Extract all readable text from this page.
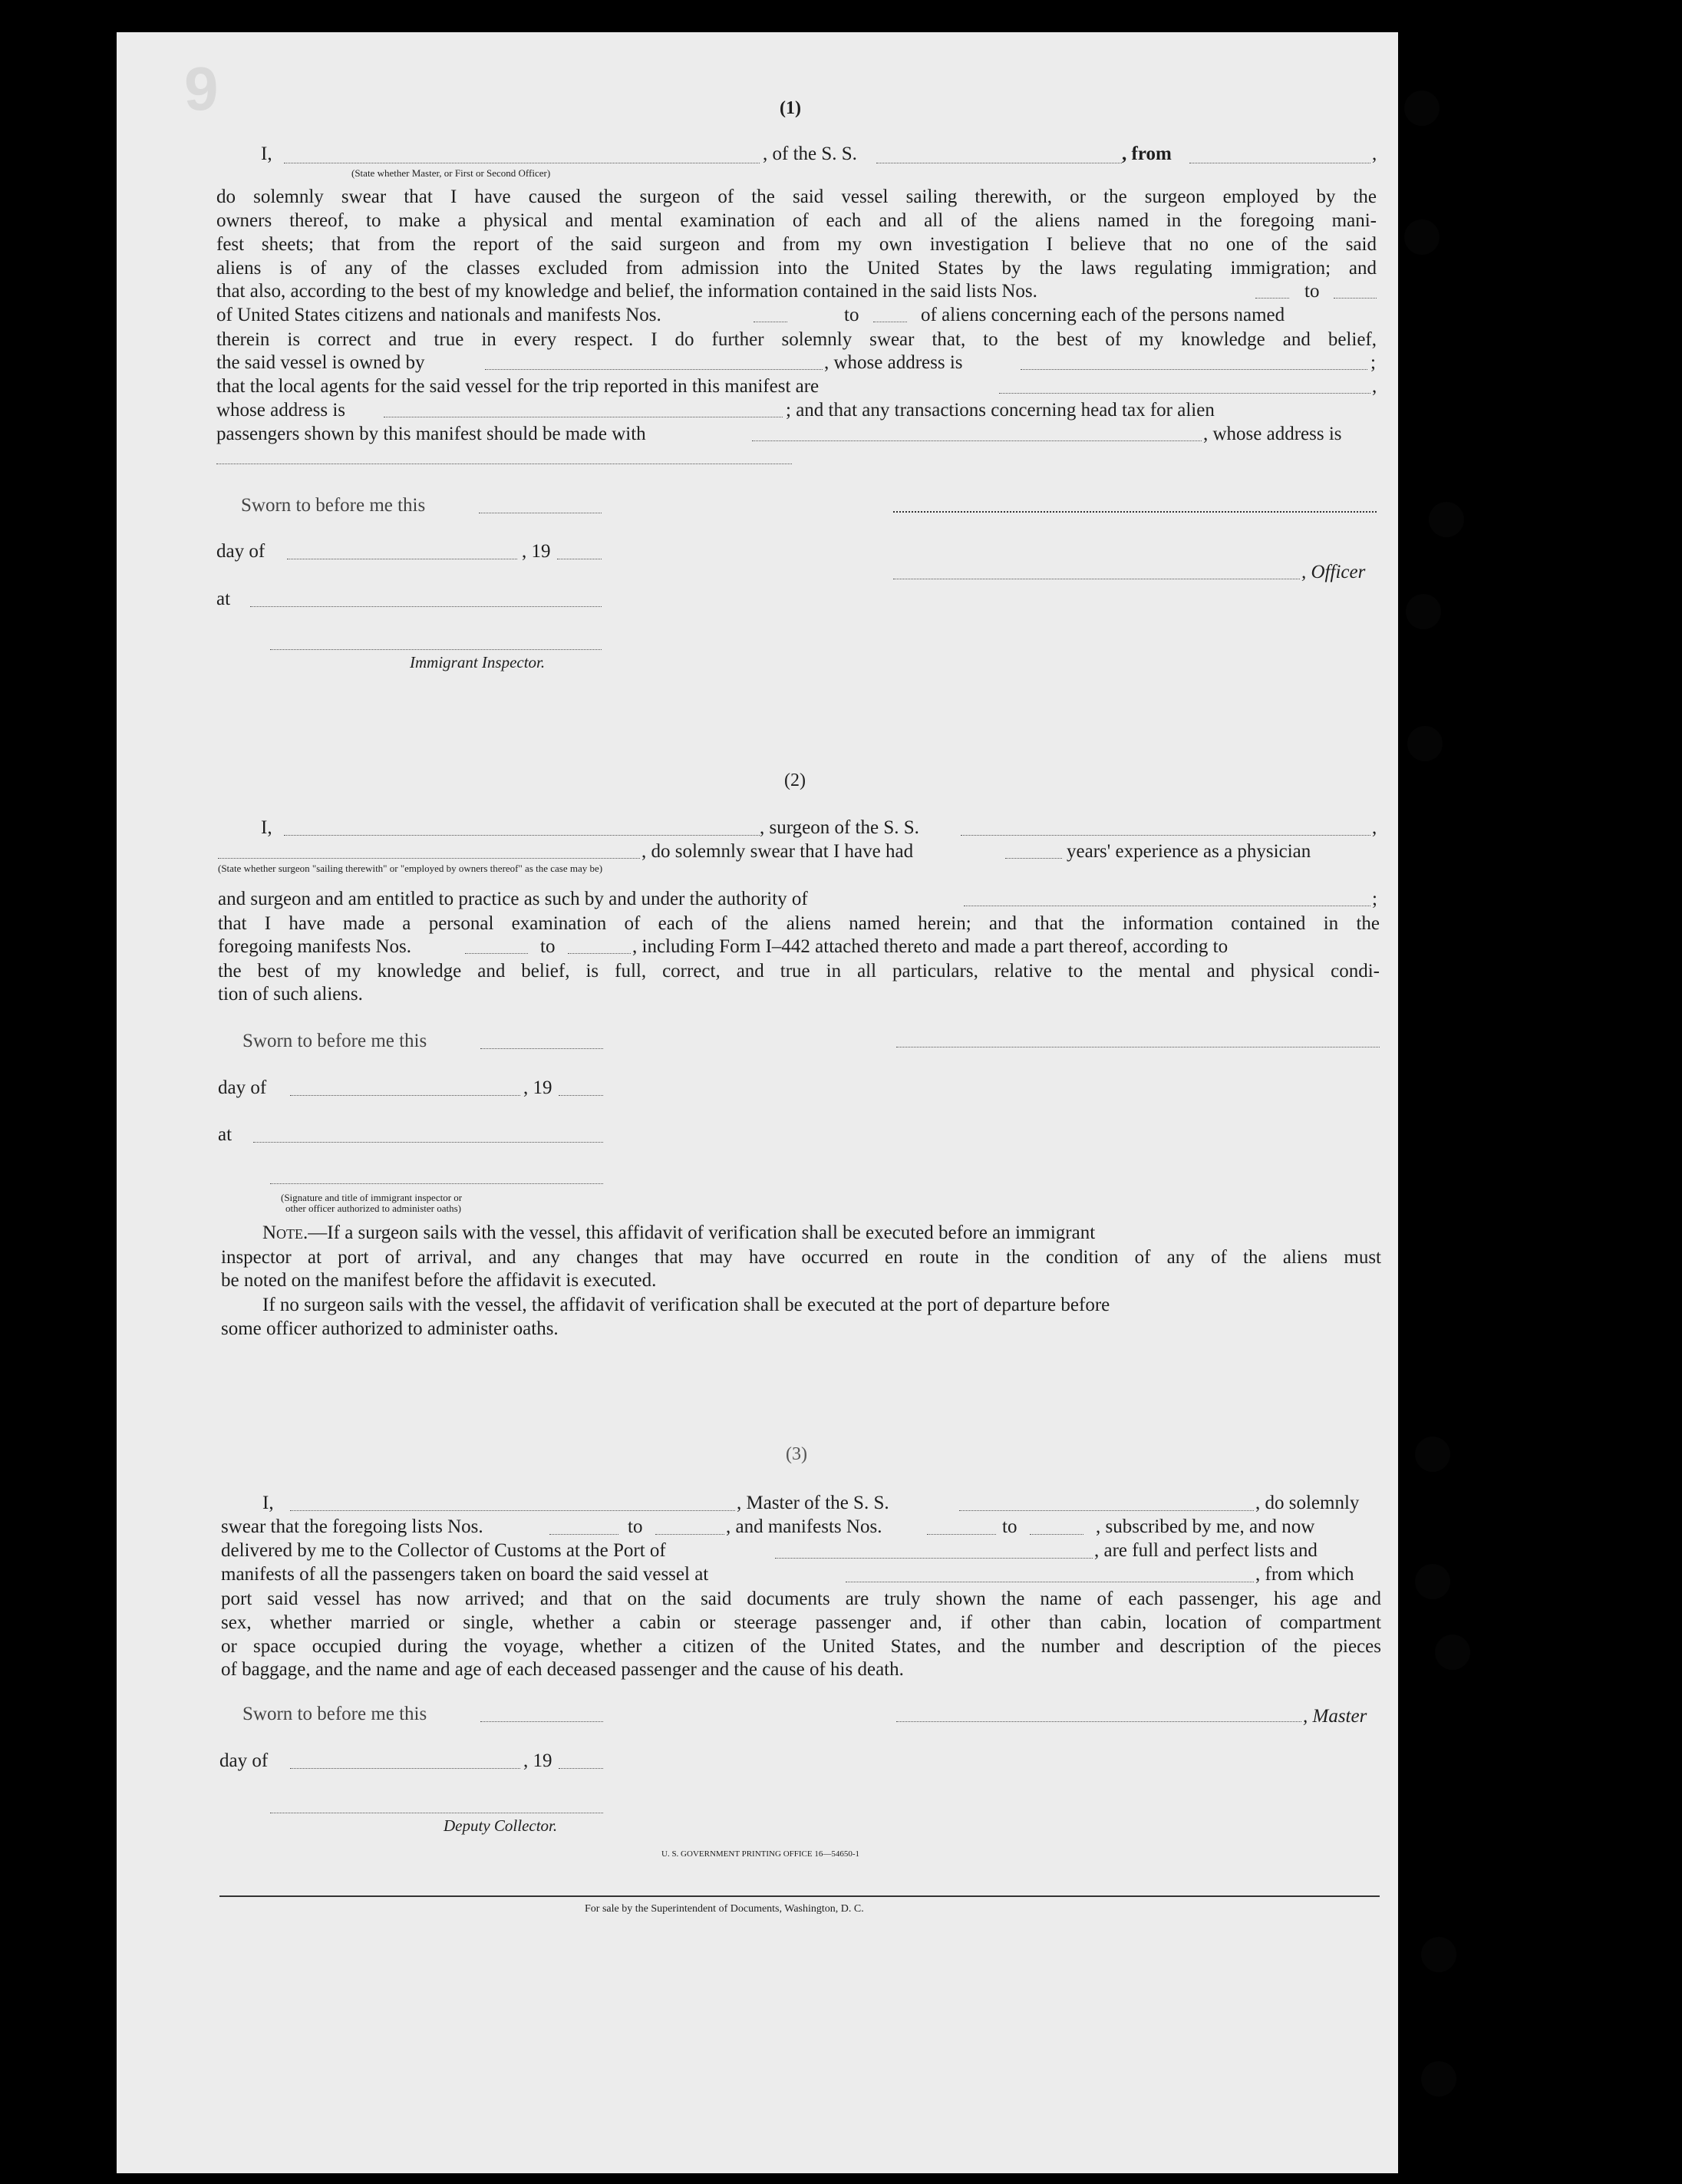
9	(1)
I,	, of the S. S.	, from	,
(State whether Master, or First or Second Officer)
do solemnly swear that I have caused the surgeon of the said vessel sailing therewith, or the surgeon employed by the
owners thereof, to make a physical and mental examination of each and all of the aliens named in the foregoing mani-
fest sheets; that from the report of the said surgeon and from my own investigation I believe that no one of the said
aliens is of any of the classes excluded from admission into the United States by the laws regulating immigration; and
that also, according to the best of my knowledge and belief, the information contained in the said lists Nos.	to
of United States citizens and nationals and manifests Nos.	to	of aliens concerning each of the persons named
therein is correct and true in every respect. I do further solemnly swear that, to the best of my knowledge and belief,
the said vessel is owned by	, whose address is	;
that the local agents for the said vessel for the trip reported in this manifest are	,
whose address is	; and that any transactions concerning head tax for alien
passengers shown by this manifest should be made with	, whose address is
Sworn to before me this
day of	, 19
, Officer
at
Immigrant Inspector.
(2)
I,	, surgeon of the S. S.	,
, do solemnly swear that I have had	years' experience as a physician
(State whether surgeon "sailing therewith" or "employed by owners thereof" as the case may be)
and surgeon and am entitled to practice as such by and under the authority of	;
that I have made a personal examination of each of the aliens named herein; and that the information contained in the
foregoing manifests Nos.	to	, including Form I–442 attached thereto and made a part thereof, according to
the best of my knowledge and belief, is full, correct, and true in all particulars, relative to the mental and physical condi-
tion of such aliens.
Sworn to before me this
day of	, 19
at
(Signature and title of immigrant inspector or
other officer authorized to administer oaths)
Note.—If a surgeon sails with the vessel, this affidavit of verification shall be executed before an immigrant
inspector at port of arrival, and any changes that may have occurred en route in the condition of any of the aliens must
be noted on the manifest before the affidavit is executed.
If no surgeon sails with the vessel, the affidavit of verification shall be executed at the port of departure before
some officer authorized to administer oaths.
(3)
I,	, Master of the S. S.	, do solemnly
swear that the foregoing lists Nos.	to	, and manifests Nos.	to	, subscribed by me, and now
delivered by me to the Collector of Customs at the Port of	, are full and perfect lists and
manifests of all the passengers taken on board the said vessel at	, from which
port said vessel has now arrived; and that on the said documents are truly shown the name of each passenger, his age and
sex, whether married or single, whether a cabin or steerage passenger and, if other than cabin, location of compartment
or space occupied during the voyage, whether a citizen of the United States, and the number and description of the pieces
of baggage, and the name and age of each deceased passenger and the cause of his death.
Sworn to before me this	, Master
day of	, 19
Deputy Collector.
U. S. GOVERNMENT PRINTING OFFICE 16—54650-1
For sale by the Superintendent of Documents, Washington, D. C.
